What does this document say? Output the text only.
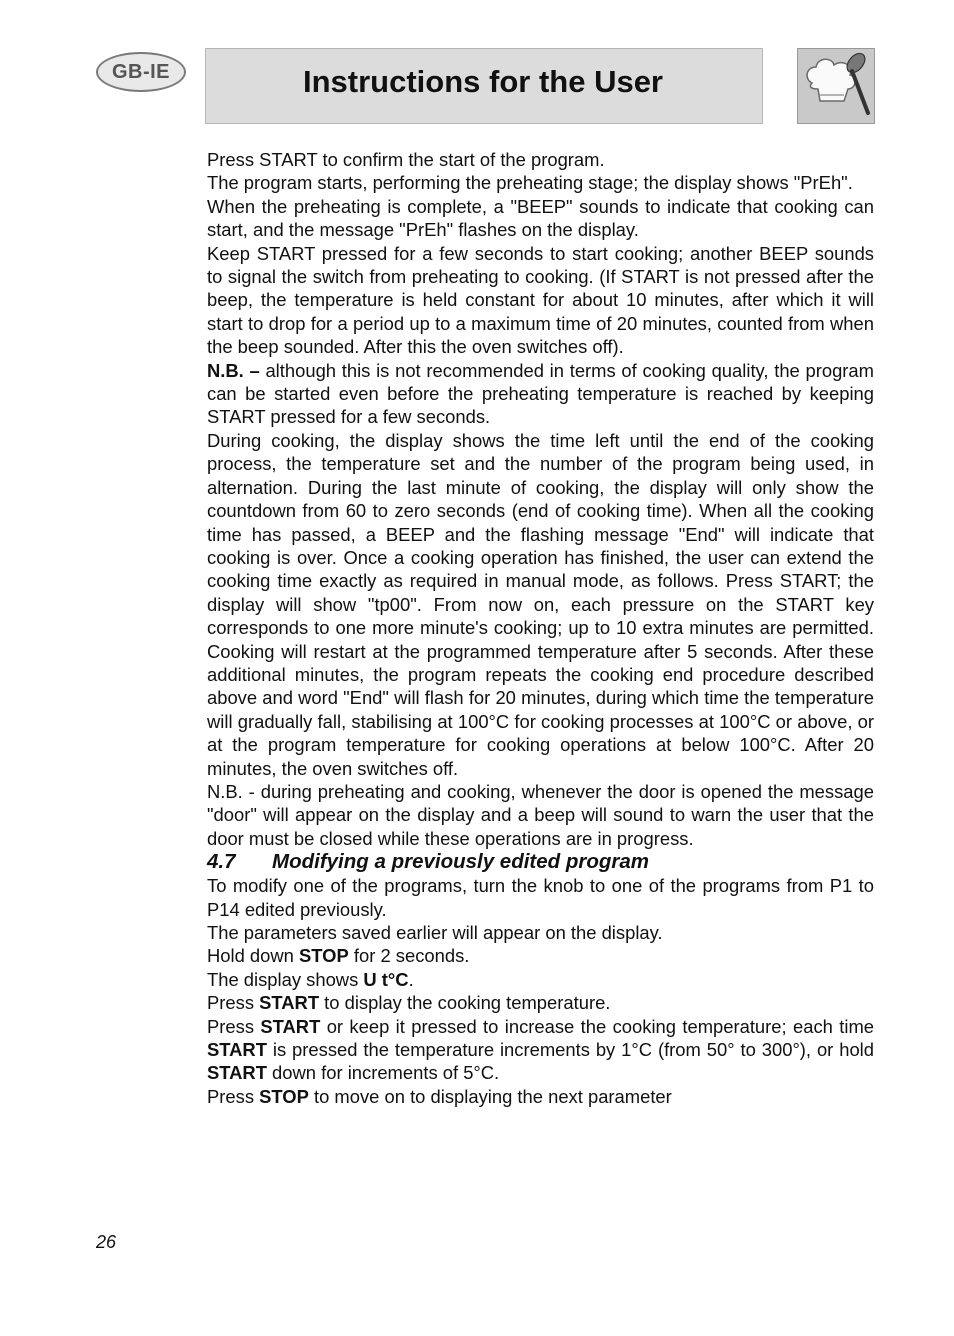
GB-IE	Instructions for the User

Press START to confirm the start of the program.

The program starts, performing the preheating stage; the display shows "PrEh".

When the preheating is complete, a "BEEP" sounds to indicate that cooking can start, and the message "PrEh" flashes on the display.

Keep START pressed for a few seconds to start cooking; another BEEP sounds to signal the switch from preheating to cooking. (If START is not pressed after the beep, the temperature is held constant for about 10 minutes, after which it will start to drop for a period up to a maximum time of 20 minutes, counted from when the beep sounded. After this the oven switches off).

N.B. – although this is not recommended in terms of cooking quality, the program can be started even before the preheating temperature is reached by keeping START pressed for a few seconds.

During cooking, the display shows the time left until the end of the cooking process, the temperature set and the number of the program being used, in alternation. During the last minute of cooking, the display will only show the countdown from 60 to zero seconds (end of cooking time). When all the cooking time has passed, a BEEP and the flashing message "End" will indicate that cooking is over. Once a cooking operation has finished, the user can extend the cooking time exactly as required in manual mode, as follows. Press START; the display will show "tp00". From now on, each pressure on the START key corresponds to one more minute's cooking; up to 10 extra minutes are permitted. Cooking will restart at the programmed temperature after 5 seconds. After these additional minutes, the program repeats the cooking end procedure described above and word "End" will flash for 20 minutes, during which time the temperature will gradually fall, stabilising at 100°C for cooking processes at 100°C or above, or at the program temperature for cooking operations at below 100°C. After 20 minutes, the oven switches off.

N.B. - during preheating and cooking, whenever the door is opened the message "door" will appear on the display and a beep will sound to warn the user that the door must be closed while these operations are in progress.

4.7 Modifying a previously edited program

To modify one of the programs, turn the knob to one of the programs from P1 to P14 edited previously.

The parameters saved earlier will appear on the display.

Hold down STOP for 2 seconds.

The display shows U t°C.

Press START to display the cooking temperature.

Press START or keep it pressed to increase the cooking temperature; each time START is pressed the temperature increments by 1°C (from 50° to 300°), or hold START down for increments of 5°C.

Press STOP to move on to displaying the next parameter

26
